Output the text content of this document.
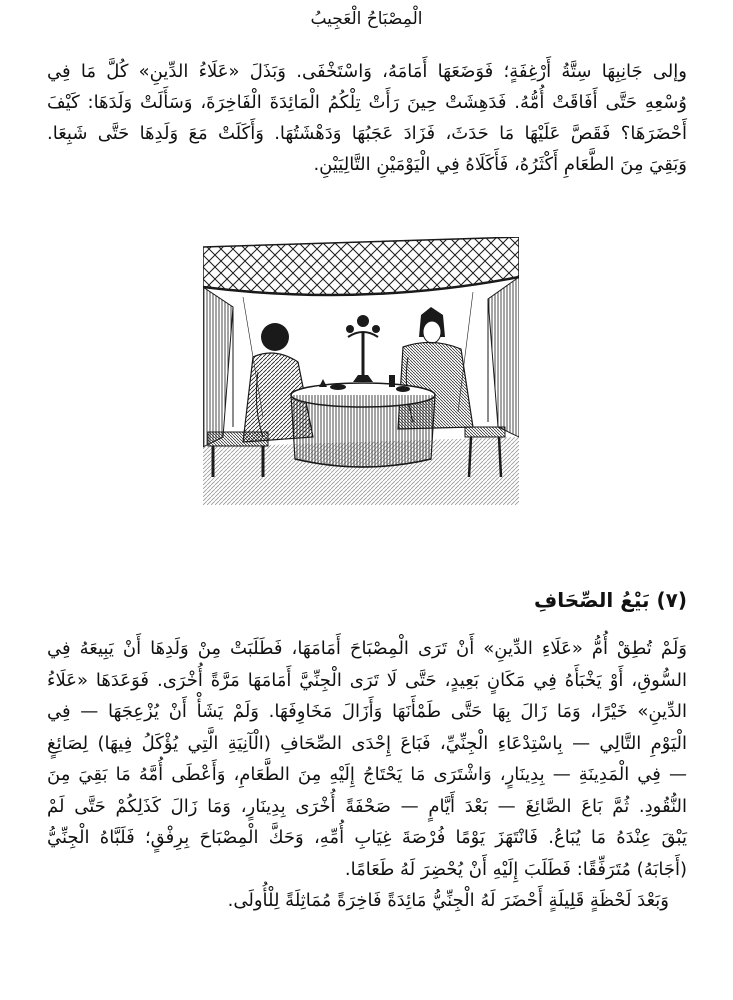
الْمِصْبَاحُ الْعَجِيبُ
وإلى جَانِبِهَا سِتَّةُ أَرْغِفَةٍ؛ فَوَضَعَهَا أَمَامَهُ، وَاسْتَخْفَى. وَبَذَلَ «عَلَاءُ الدِّينِ» كُلَّ مَا فِي
وُسْعِهِ حَتَّى أَفَاقَتْ أُمُّهُ. فَدَهِشَتْ حِينَ رَأَتْ تِلْكُمُ الْمَائِدَةَ الْفَاخِرَةَ، وَسَأَلَتْ وَلَدَهَا: كَيْفَ
أَحْضَرَهَا؟ فَقَصَّ عَلَيْهَا مَا حَدَثَ، فَزَادَ عَجَبُهَا وَدَهْشَتُهَا. وَأَكَلَتْ مَعَ وَلَدِهَا حَتَّى شَبِعَا.
وَبَقِيَ مِنَ الطَّعَامِ أَكْثَرُهُ، فَأَكَلَاهُ فِي الْيَوْمَيْنِ التَّالِيَيْنِ.
(٧) بَيْعُ الصِّحَافِ
وَلَمْ تُطِقْ أُمُّ «عَلَاءِ الدِّينِ» أَنْ تَرَى الْمِصْبَاحَ أَمَامَهَا، فَطَلَبَتْ مِنْ وَلَدِهَا أَنْ يَبِيعَهُ فِي
السُّوقِ، أَوْ يَخْبَأَهُ فِي مَكَانٍ بَعِيدٍ، حَتَّى لَا تَرَى الْجِنِّيَّ أَمَامَهَا مَرَّةً أُخْرَى. فَوَعَدَهَا «عَلَاءُ
الدِّينِ» خَيْرًا، وَمَا زَالَ بِهَا حَتَّى طَمْأَنَهَا وَأَزَالَ مَخَاوِفَهَا. وَلَمْ يَشَأْ أَنْ يُزْعِجَهَا — فِي
الْيَوْمِ التَّالِي — بِاسْتِدْعَاءِ الْجِنِّيِّ، فَبَاعَ إِحْدَى الصِّحَافِ (الْآنِيَةِ الَّتِي يُؤْكَلُ فِيهَا) لِصَائِغٍ
— فِي الْمَدِينَةِ — بِدِينَارٍ، وَاشْتَرَى مَا يَحْتَاجُ إِلَيْهِ مِنَ الطَّعَامِ، وَأَعْطَى أُمَّهُ مَا بَقِيَ مِنَ
النُّقُودِ. ثُمَّ بَاعَ الصَّائِغَ — بَعْدَ أَيَّامٍ — صَحْفَةً أُخْرَى بِدِينَارٍ، وَمَا زَالَ كَذَلِكُمْ حَتَّى لَمْ
يَبْقَ عِنْدَهُ مَا يُبَاعُ. فَانْتَهَزَ يَوْمًا فُرْصَةَ غِيَابِ أُمِّهِ، وَحَكَّ الْمِصْبَاحَ بِرِفْقٍ؛ فَلَبَّاهُ الْجِنِّيُّ
(أَجَابَهُ) مُتَرَفِّقًا: فَطَلَبَ إِلَيْهِ أَنْ يُحْضِرَ لَهُ طَعَامًا.
وَبَعْدَ لَحْظَةٍ قَلِيلَةٍ أَحْضَرَ لَهُ الْجِنِّيُّ مَائِدَةً فَاخِرَةً مُمَاثِلَةً لِلْأُولَى.
